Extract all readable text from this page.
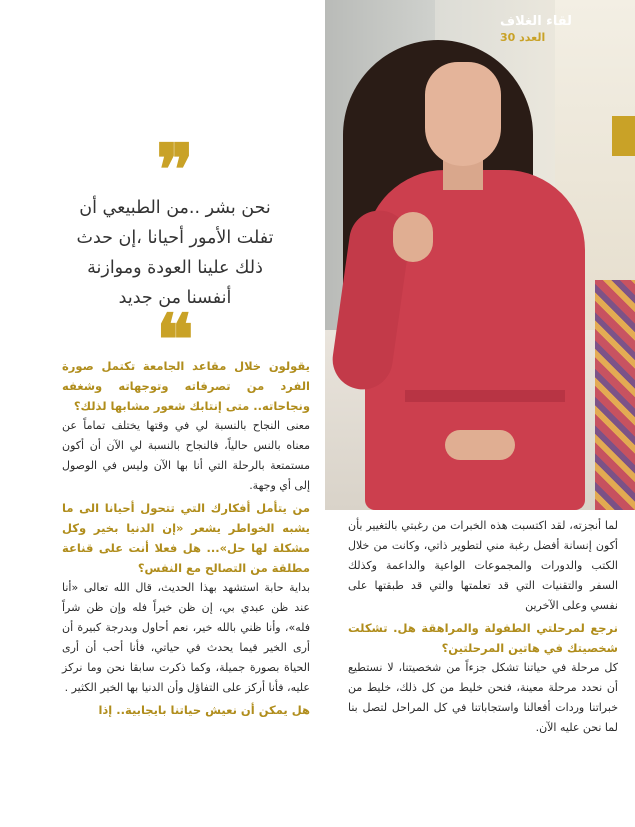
لقاء الغلاف
العدد 30
❞
نحن بشر ..من الطبيعي أن
تفلت الأمور أحيانا ،إن حدث
ذلك علينا العودة وموازنة
أنفسنا من جديد
❝

يقولون خلال مقاعد الجامعة تكتمل صورة الفرد من تصرفاته وتوجهاته وشغفه ونجاحاته.. متى إنتابك شعور مشابها لذلك؟

معنى النجاح بالنسبة لي في وقتها يختلف تماماً عن معناه بالنس حالياً، فالنجاح بالنسبة لي الآن أن أكون مستمتعة بالرحلة التي أنا بها الآن وليس في الوصول إلى أي وجهة.

من يتأمل أفكارك التي تتحول أحيانا الى ما يشبه الخواطر يشعر «إن الدنيا بخير وكل مشكلة لها حل»... هل فعلا أنت على قناعة مطلقة من التصالح مع النفس؟

بداية حابة استشهد بهذا الحديث، قال الله تعالى «أنا عند ظن عبدي بي، إن ظن خيراً فله وإن ظن شراً فله»، وأنا ظني بالله خير، نعم أحاول وبدرجة كبيرة أن أرى الخير فيما يحدث في حياتي، فأنا أحب أن أرى الحياة بصورة جميلة، وكما ذكرت سابقا نحن وما نركز عليه، فأنا أركز على التفاؤل وأن الدنيا بها الخير الكثير .

هل يمكن أن نعيش حياتنا بايجابية.. إذا

لما أنجزته، لقد اكتسبت هذه الخبرات من رغبتي بالتغيير بأن أكون إنسانة أفضل رغبة مني لتطوير ذاتي، وكانت من خلال الكتب والدورات والمجموعات الواعية والداعمة وكذلك السفر والتقنيات التي قد تعلمتها والتي قد طبقتها على نفسي وعلى الآخرين

نرجع لمرحلتي الطفولة والمراهقة هل. تشكلت شخصيتك في هاتين المرحلتين؟

كل مرحلة في حياتنا تشكل جزءاً من شخصيتنا، لا نستطيع أن نحدد مرحلة معينة، فنحن خليط من كل ذلك، خليط من خبراتنا وردات أفعالنا واستجاباتنا في كل المراحل لتصل بنا لما نحن عليه الآن.
